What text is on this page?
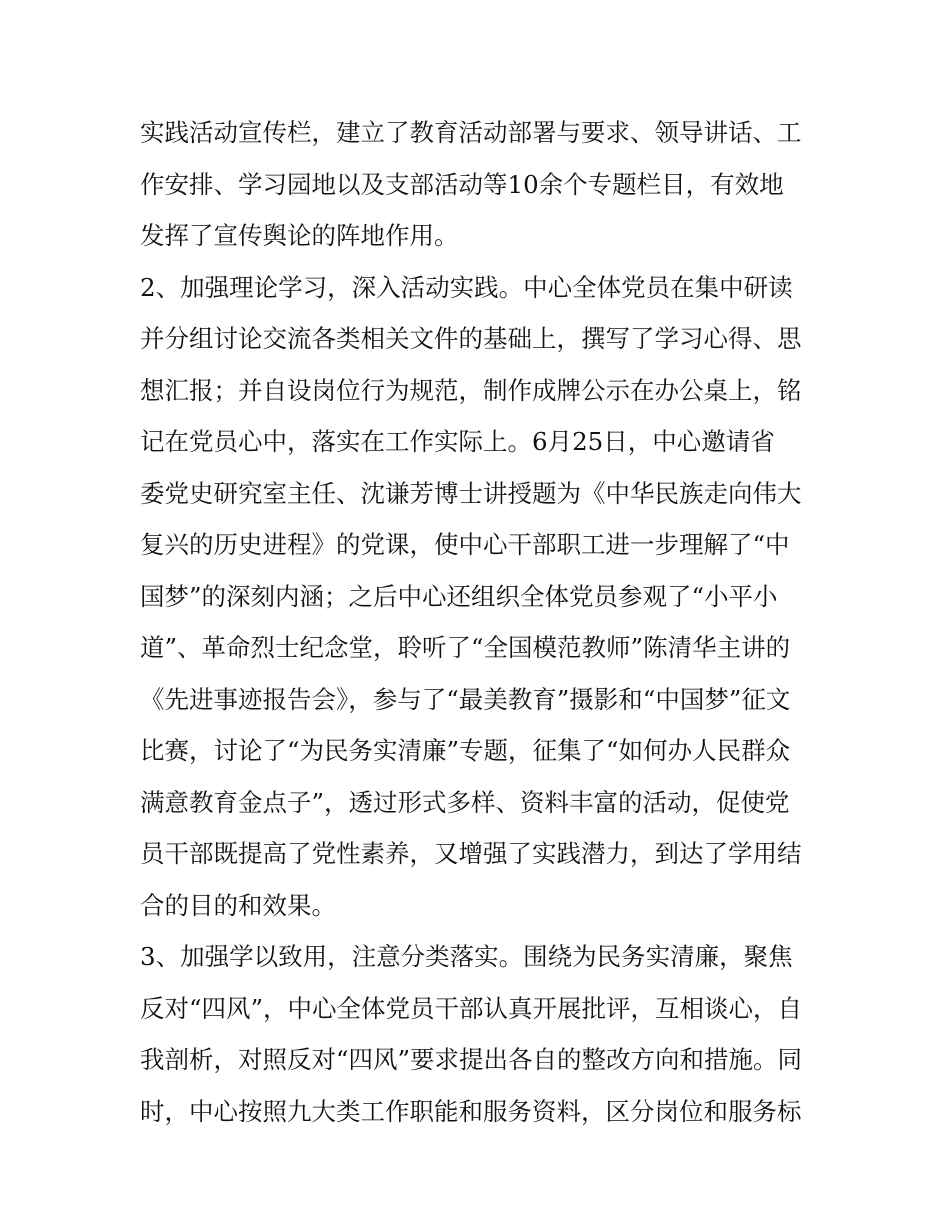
实践活动宣传栏，建立了教育活动部署与要求、领导讲话、工
作安排、学习园地以及支部活动等10余个专题栏目，有效地
发挥了宣传舆论的阵地作用。
2、加强理论学习，深入活动实践。中心全体党员在集中研读
并分组讨论交流各类相关文件的基础上，撰写了学习心得、思
想汇报；并自设岗位行为规范，制作成牌公示在办公桌上，铭
记在党员心中，落实在工作实际上。6月25日，中心邀请省
委党史研究室主任、沈谦芳博士讲授题为《中华民族走向伟大
复兴的历史进程》的党课，使中心干部职工进一步理解了“中
国梦”的深刻内涵；之后中心还组织全体党员参观了“小平小
道”、革命烈士纪念堂，聆听了“全国模范教师”陈清华主讲的
《先进事迹报告会》，参与了“最美教育”摄影和“中国梦”征文
比赛，讨论了“为民务实清廉”专题，征集了“如何办人民群众
满意教育金点子”，透过形式多样、资料丰富的活动，促使党
员干部既提高了党性素养，又增强了实践潜力，到达了学用结
合的目的和效果。
3、加强学以致用，注意分类落实。围绕为民务实清廉，聚焦
反对“四风”，中心全体党员干部认真开展批评，互相谈心，自
我剖析，对照反对“四风”要求提出各自的整改方向和措施。同
时，中心按照九大类工作职能和服务资料，区分岗位和服务标
